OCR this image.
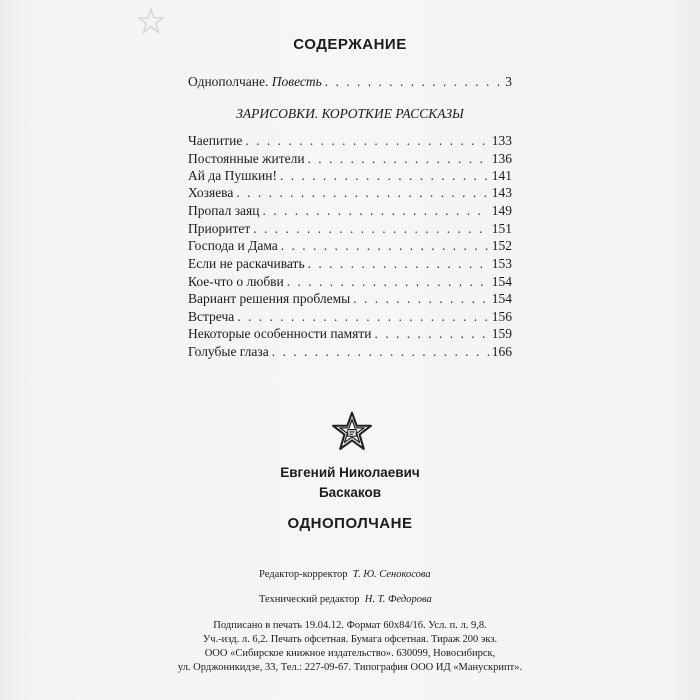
СОДЕРЖАНИЕ
Однополчане. Повесть . . .	3
ЗАРИСОВКИ. КОРОТКИЕ РАССКАЗЫ
Чаепитие . . .	133
Постоянные жители . . .	136
Ай да Пушкин! . . .	141
Хозяева . . .	143
Пропал заяц . . .	149
Приоритет . . .	151
Господа и Дама . . .	152
Если не раскачивать . . .	153
Кое-что о любви . . .	154
Вариант решения проблемы . . .	154
Встреча . . .	156
Некоторые особенности памяти . . .	159
Голубые глаза . . .	166
Евгений Николаевич
Баскаков
ОДНОПОЛЧАНЕ
Редактор-корректор Т. Ю. Сенокосова
Технический редактор Н. Т. Федорова
Подписано в печать 19.04.12. Формат 60х84/16. Усл. п. л. 9,8.
Уч.-изд. л. 6,2. Печать офсетная. Бумага офсетная. Тираж 200 экз.
ООО «Сибирское книжное издательство». 630099, Новосибирск,
ул. Орджоникидзе, 33, Тел.: 227-09-67. Типография ООО ИД «Манускрипт».
